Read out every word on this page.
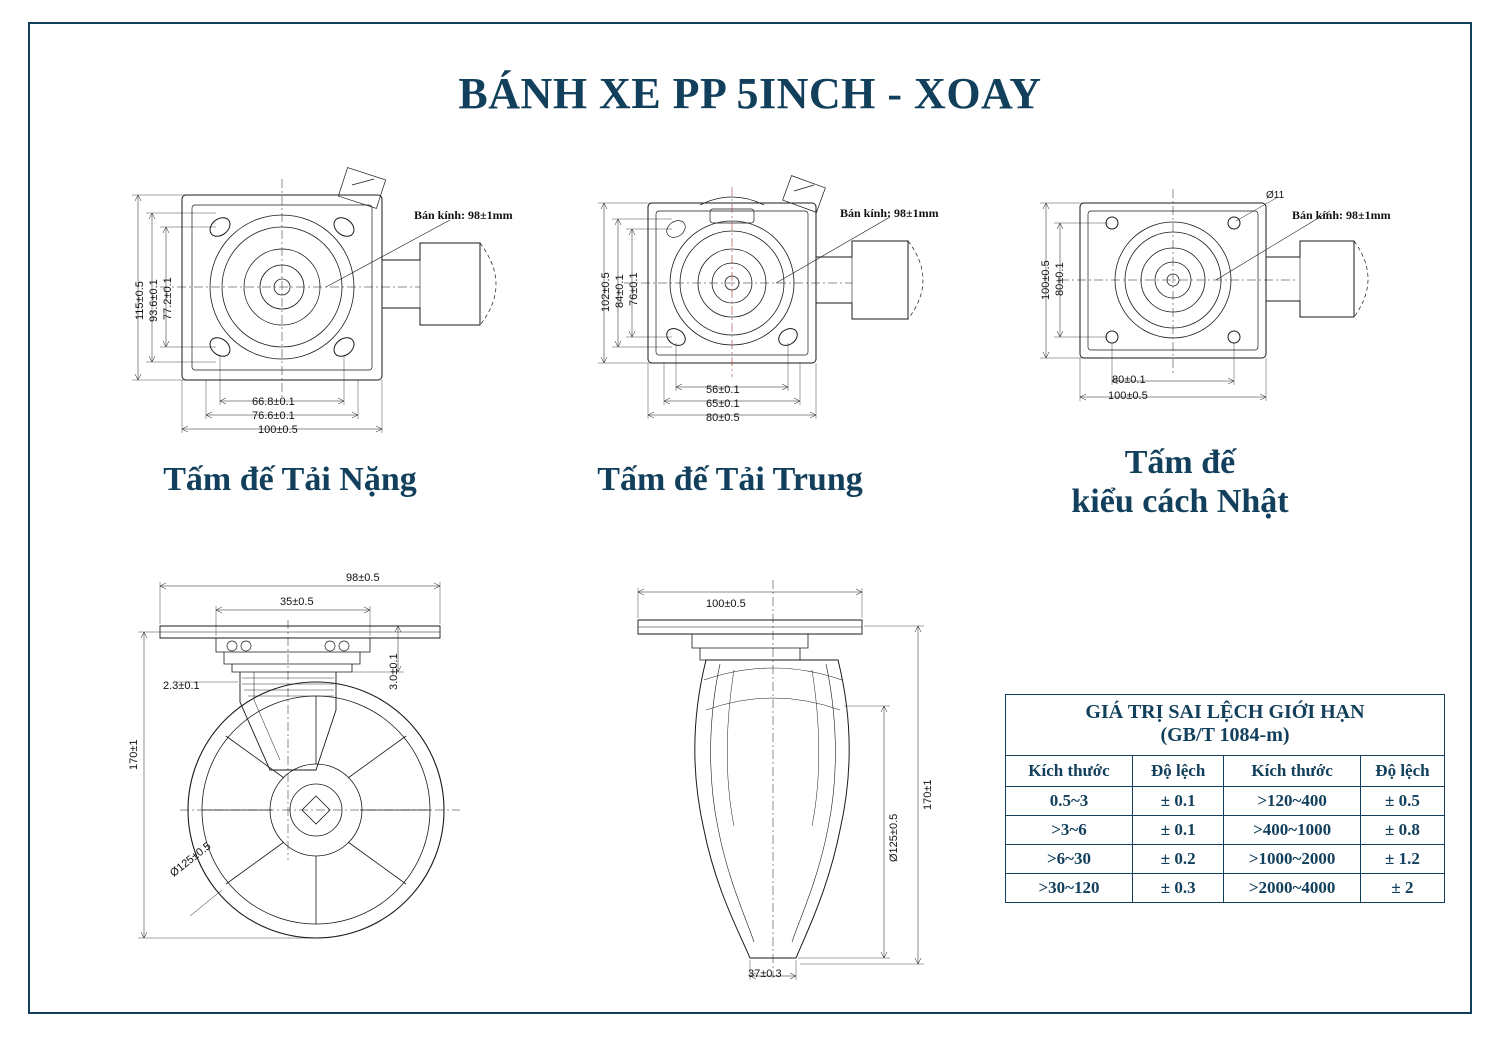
BÁNH XE PP 5INCH - XOAY
115±0.5 93.6±0.1 77.2±0.1
66.8±0.1
76.6±0.1
100±0.5
Bán kính: 98±1mm
Tấm đế Tải Nặng
102±0.5 84±0.1 76±0.1
56±0.1
65±0.1
80±0.5
Bán kính: 98±1mm
Tấm đế Tải Trung
100±0.5 80±0.1
80±0.1
100±0.5
Ø11
Bán kính: 98±1mm
Tấm đế
kiểu cách Nhật
98±0.5
35±0.5
3.0±0.1
2.3±0.1
170±1
Ø125±0.5
100±0.5
170±1
Ø125±0.5
37±0.3
GIÁ TRỊ SAI LỆCH GIỚI HẠN
(GB/T 1084-m)			

Kích thước	Độ lệch	Kích thước	Độ lệch
0.5~3	± 0.1	>120~400	± 0.5
>3~6	± 0.1	>400~1000	± 0.8
>6~30	± 0.2	>1000~2000	± 1.2
>30~120	± 0.3	>2000~4000	± 2
